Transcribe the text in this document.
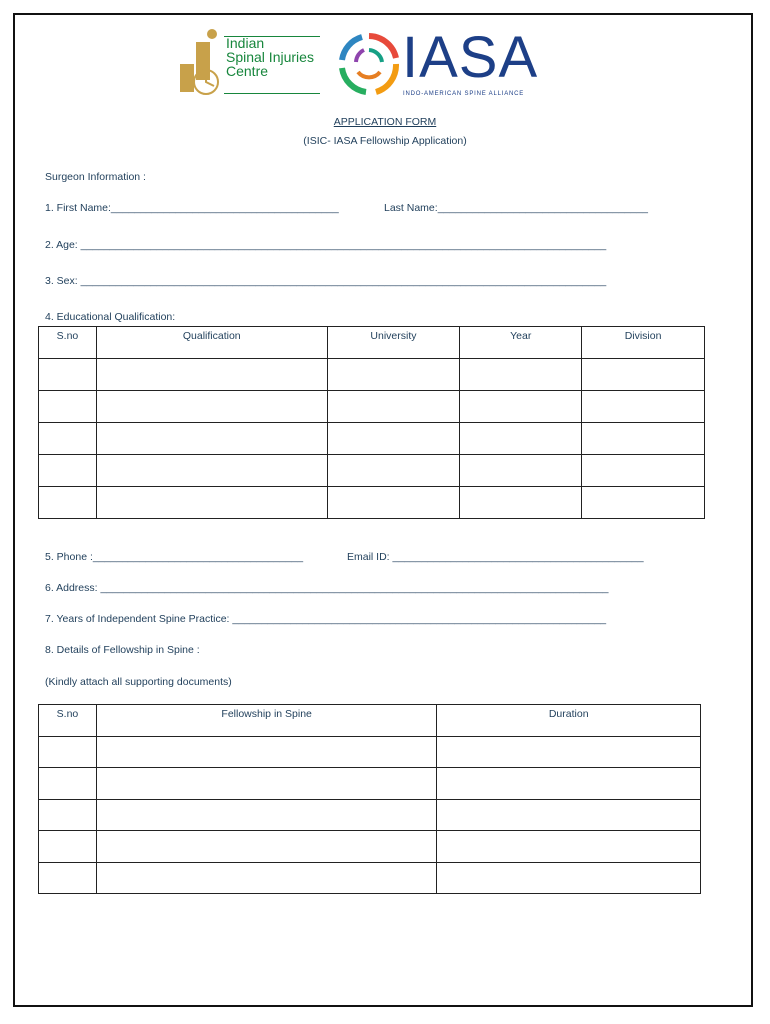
Indian
Spinal Injuries
Centre	IASA
INDO-AMERICAN SPINE ALLIANCE
APPLICATION FORM
(ISIC- IASA Fellowship Application)
Surgeon Information :
1. First Name:_______________________________________	Last Name:____________________________________
2. Age: __________________________________________________________________________________________
3. Sex: __________________________________________________________________________________________
4. Educational Qualification:
S.no	Qualification	University	Year	Division

5. Phone :____________________________________	Email ID: ___________________________________________
6. Address: _______________________________________________________________________________________
7. Years of Independent Spine Practice: ________________________________________________________________
8. Details of Fellowship in Spine :
(Kindly attach all supporting documents)
S.no	Fellowship in Spine	Duration
